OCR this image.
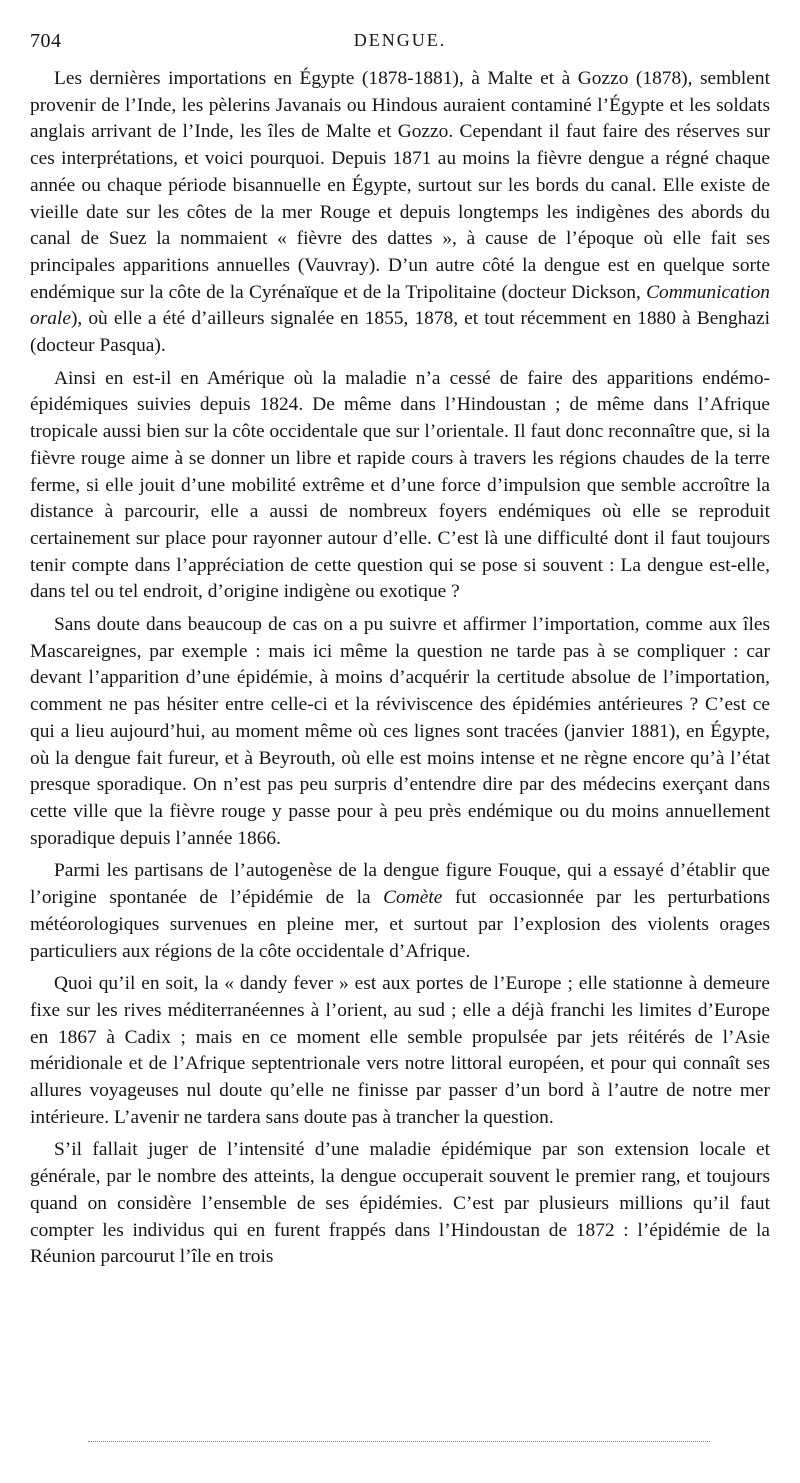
704	DENGUE.

Les dernières importations en Égypte (1878-1881), à Malte et à Gozzo (1878), semblent provenir de l’Inde, les pèlerins Javanais ou Hindous auraient contaminé l’Égypte et les soldats anglais arrivant de l’Inde, les îles de Malte et Gozzo. Cependant il faut faire des réserves sur ces interprétations, et voici pourquoi. Depuis 1871 au moins la fièvre dengue a régné chaque année ou chaque période bisannuelle en Égypte, surtout sur les bords du canal. Elle existe de vieille date sur les côtes de la mer Rouge et depuis longtemps les indigènes des abords du canal de Suez la nommaient « fièvre des dattes », à cause de l’époque où elle fait ses principales apparitions annuelles (Vauvray). D’un autre côté la dengue est en quelque sorte endémique sur la côte de la Cyrénaïque et de la Tripolitaine (docteur Dickson, Communication orale), où elle a été d’ailleurs signalée en 1855, 1878, et tout récemment en 1880 à Benghazi (docteur Pasqua).

Ainsi en est-il en Amérique où la maladie n’a cessé de faire des apparitions endémo-épidémiques suivies depuis 1824. De même dans l’Hindoustan ; de même dans l’Afrique tropicale aussi bien sur la côte occidentale que sur l’orientale. Il faut donc reconnaître que, si la fièvre rouge aime à se donner un libre et rapide cours à travers les régions chaudes de la terre ferme, si elle jouit d’une mobilité extrême et d’une force d’impulsion que semble accroître la distance à parcourir, elle a aussi de nombreux foyers endémiques où elle se reproduit certainement sur place pour rayonner autour d’elle. C’est là une difficulté dont il faut toujours tenir compte dans l’appréciation de cette question qui se pose si souvent : La dengue est-elle, dans tel ou tel endroit, d’origine indigène ou exotique ?

Sans doute dans beaucoup de cas on a pu suivre et affirmer l’importation, comme aux îles Mascareignes, par exemple : mais ici même la question ne tarde pas à se compliquer : car devant l’apparition d’une épidémie, à moins d’acquérir la certitude absolue de l’importation, comment ne pas hésiter entre celle-ci et la réviviscence des épidémies antérieures ? C’est ce qui a lieu aujourd’hui, au moment même où ces lignes sont tracées (janvier 1881), en Égypte, où la dengue fait fureur, et à Beyrouth, où elle est moins intense et ne règne encore qu’à l’état presque sporadique. On n’est pas peu surpris d’entendre dire par des médecins exerçant dans cette ville que la fièvre rouge y passe pour à peu près endémique ou du moins annuellement sporadique depuis l’année 1866.

Parmi les partisans de l’autogenèse de la dengue figure Fouque, qui a essayé d’établir que l’origine spontanée de l’épidémie de la Comète fut occasionnée par les perturbations météorologiques survenues en pleine mer, et surtout par l’explosion des violents orages particuliers aux régions de la côte occidentale d’Afrique.

Quoi qu’il en soit, la « dandy fever » est aux portes de l’Europe ; elle stationne à demeure fixe sur les rives méditerranéennes à l’orient, au sud ; elle a déjà franchi les limites d’Europe en 1867 à Cadix ; mais en ce moment elle semble propulsée par jets réitérés de l’Asie méridionale et de l’Afrique septentrionale vers notre littoral européen, et pour qui connaît ses allures voyageuses nul doute qu’elle ne finisse par passer d’un bord à l’autre de notre mer intérieure. L’avenir ne tardera sans doute pas à trancher la question.

S’il fallait juger de l’intensité d’une maladie épidémique par son extension locale et générale, par le nombre des atteints, la dengue occuperait souvent le premier rang, et toujours quand on considère l’ensemble de ses épidémies. C’est par plusieurs millions qu’il faut compter les individus qui en furent frappés dans l’Hindoustan de 1872 : l’épidémie de la Réunion parcourut l’île en trois
